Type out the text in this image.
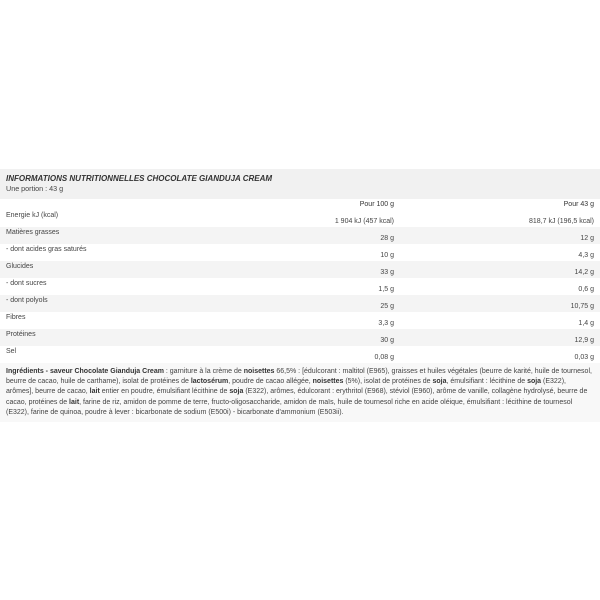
INFORMATIONS NUTRITIONNELLES CHOCOLATE GIANDUJA CREAM
Une portion : 43 g
	Pour 100 g	Pour 43 g
Energie kJ (kcal)	1 904 kJ (457 kcal)	818,7 kJ (196,5 kcal)
Matières grasses	28 g	12 g
- dont acides gras saturés	10 g	4,3 g
Glucides	33 g	14,2 g
- dont sucres	1,5 g	0,6 g
- dont polyols	25 g	10,75 g
Fibres	3,3 g	1,4 g
Protéines	30 g	12,9 g
Sel	0,08 g	0,03 g
Ingrédients - saveur Chocolate Gianduja Cream : garniture à la crème de noisettes 66,5% : [édulcorant : maltitol (E965), graisses et huiles végétales (beurre de karité, huile de tournesol, beurre de cacao, huile de carthame), isolat de protéines de lactosérum, poudre de cacao allégée, noisettes (5%), isolat de protéines de soja, émulsifiant : lécithine de soja (E322), arômes], beurre de cacao, lait entier en poudre, émulsifiant lécithine de soja (E322), arômes, édulcorant : erythritol (E968), stéviol (E960), arôme de vanille, collagène hydrolysé, beurre de cacao, protéines de lait, farine de riz, amidon de pomme de terre, fructo-oligosaccharide, amidon de maïs, huile de tournesol riche en acide oléique, émulsifiant : lécithine de tournesol (E322), farine de quinoa, poudre à lever : bicarbonate de sodium (E500i) - bicarbonate d'ammonium (E503ii).
